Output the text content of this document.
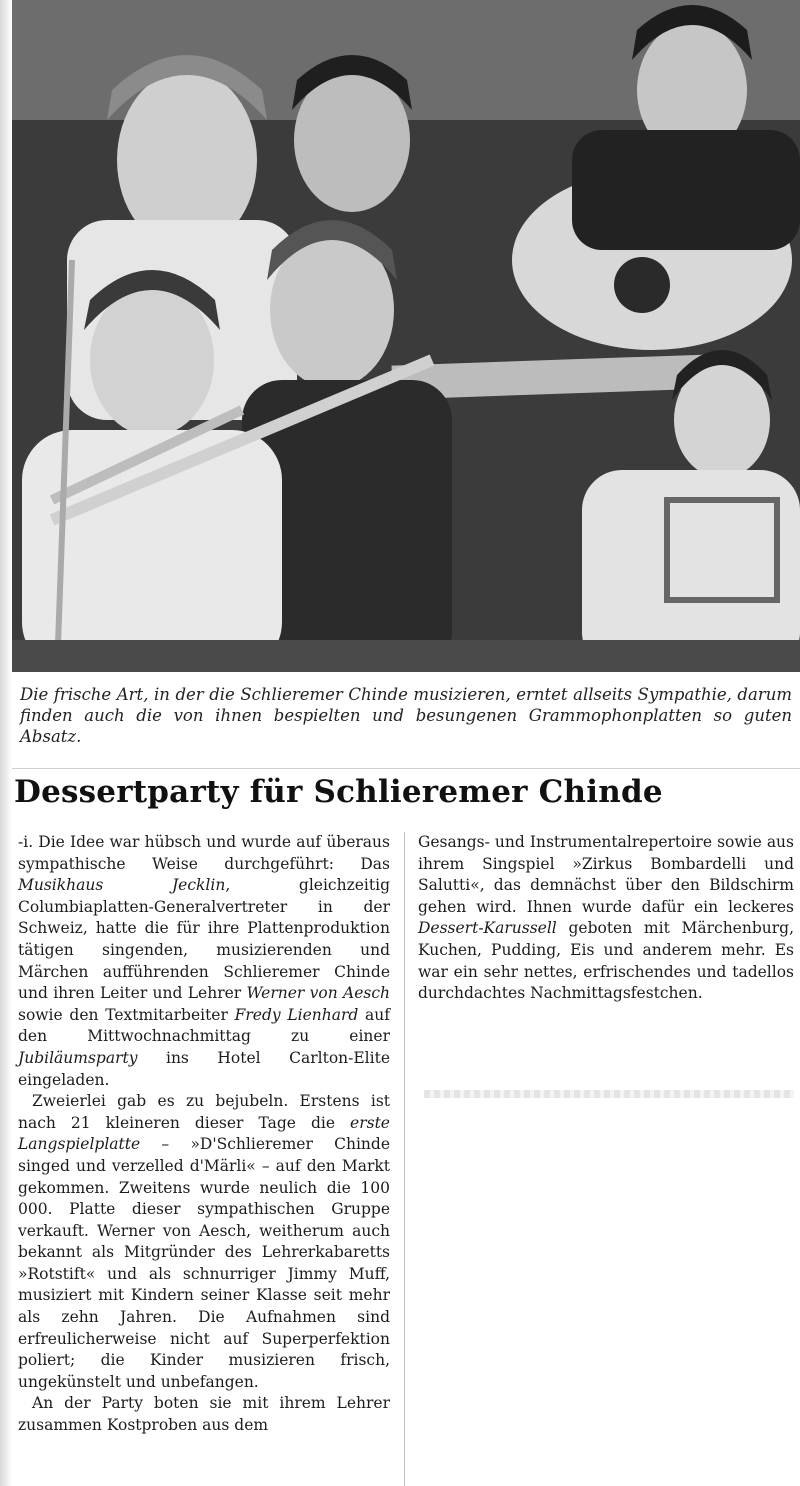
Die frische Art, in der die Schlieremer Chinde musizieren, erntet allseits Sympathie, darum finden auch die von ihnen bespielten und besungenen Grammophonplatten so guten Absatz.
Dessertparty für Schlieremer Chinde

-i. Die Idee war hübsch und wurde auf überaus sympathische Weise durchgeführt: Das Musikhaus Jecklin, gleichzeitig Columbiaplatten-Generalvertreter in der Schweiz, hatte die für ihre Plattenproduktion tätigen singenden, musizierenden und Märchen aufführenden Schlieremer Chinde und ihren Leiter und Lehrer Werner von Aesch sowie den Textmitarbeiter Fredy Lienhard auf den Mittwochnachmittag zu einer Jubiläumsparty ins Hotel Carlton-Elite eingeladen.

Zweierlei gab es zu bejubeln. Erstens ist nach 21 kleineren dieser Tage die erste Langspielplatte – »D'Schlieremer Chinde singed und verzelled d'Märli« – auf den Markt gekommen. Zweitens wurde neulich die 100 000. Platte dieser sympathischen Gruppe verkauft. Werner von Aesch, weitherum auch bekannt als Mitgründer des Lehrerkabaretts »Rotstift« und als schnurriger Jimmy Muff, musiziert mit Kindern seiner Klasse seit mehr als zehn Jahren. Die Aufnahmen sind erfreulicherweise nicht auf Superperfektion poliert; die Kinder musizieren frisch, ungekünstelt und unbefangen.

An der Party boten sie mit ihrem Lehrer zusammen Kostproben aus dem

Gesangs- und Instrumentalrepertoire sowie aus ihrem Singspiel »Zirkus Bombardelli und Salutti«, das demnächst über den Bildschirm gehen wird. Ihnen wurde dafür ein leckeres Dessert-Karussell geboten mit Märchenburg, Kuchen, Pudding, Eis und anderem mehr. Es war ein sehr nettes, erfrischendes und tadellos durchdachtes Nachmittagsfestchen.
